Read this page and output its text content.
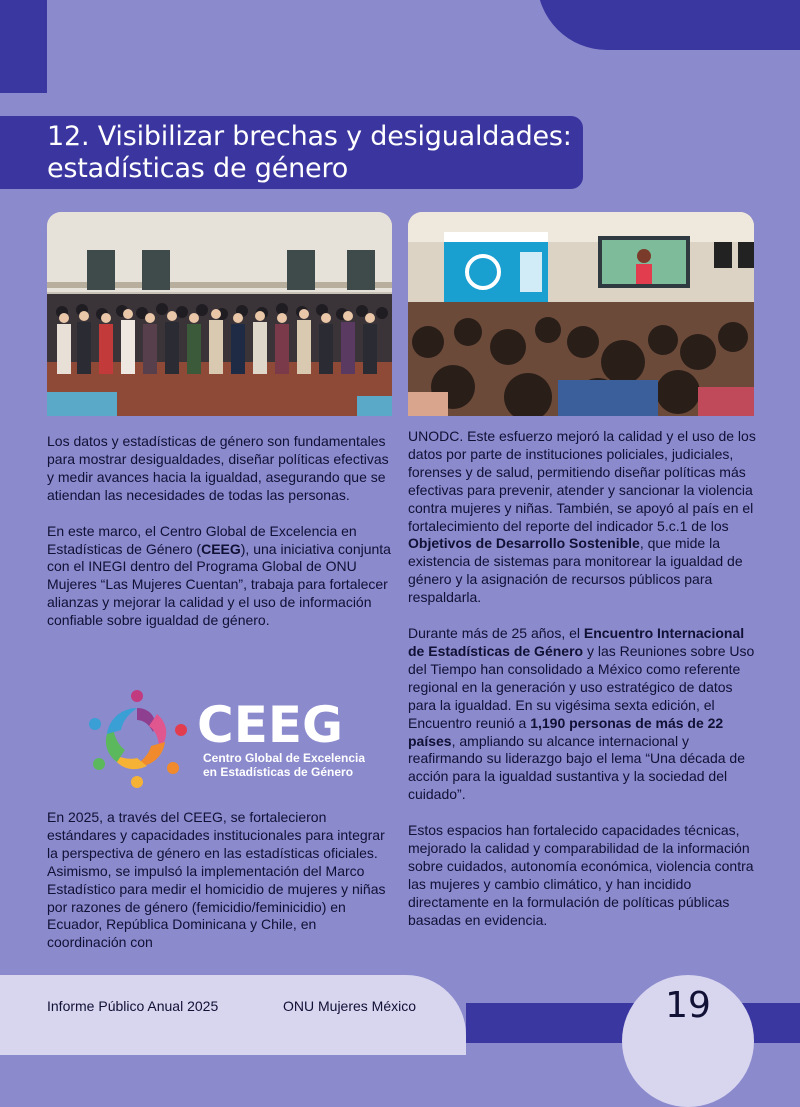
12. Visibilizar brechas y desigualdades: estadísticas de género

Los datos y estadísticas de género son fundamentales para mostrar desigualdades, diseñar políticas efectivas y medir avances hacia la igualdad, asegurando que se atiendan las necesidades de todas las personas.

En este marco, el Centro Global de Excelencia en Estadísticas de Género (CEEG), una iniciativa conjunta con el INEGI dentro del Programa Global de ONU Mujeres “Las Mujeres Cuentan”, trabaja para fortalecer alianzas y mejorar la calidad y el uso de información confiable sobre igualdad de género.

CEEG
Centro Global de Excelencia
en Estadísticas de Género

En 2025, a través del CEEG, se fortalecieron estándares y capacidades institucionales para integrar la perspectiva de género en las estadísticas oficiales. Asimismo, se impulsó la implementación del Marco Estadístico para medir el homicidio de mujeres y niñas por razones de género (femicidio/feminicidio) en Ecuador, República Dominicana y Chile, en coordinación con

UNODC. Este esfuerzo mejoró la calidad y el uso de los datos por parte de instituciones policiales, judiciales, forenses y de salud, permitiendo diseñar políticas más efectivas para prevenir, atender y sancionar la violencia contra mujeres y niñas. También, se apoyó al país en el fortalecimiento del reporte del indicador 5.c.1 de los Objetivos de Desarrollo Sostenible, que mide la existencia de sistemas para monitorear la igualdad de género y la asignación de recursos públicos para respaldarla.

Durante más de 25 años, el Encuentro Internacional de Estadísticas de Género y las Reuniones sobre Uso del Tiempo han consolidado a México como referente regional en la generación y uso estratégico de datos para la igualdad. En su vigésima sexta edición, el Encuentro reunió a 1,190 personas de más de 22 países, ampliando su alcance internacional y reafirmando su liderazgo bajo el lema “Una década de acción para la igualdad sustantiva y la sociedad del cuidado”.

Estos espacios han fortalecido capacidades técnicas, mejorado la calidad y comparabilidad de la información sobre cuidados, autonomía económica, violencia contra las mujeres y cambio climático, y han incidido directamente en la formulación de políticas públicas basadas en evidencia.

Informe Público Anual 2025	ONU Mujeres México	19
